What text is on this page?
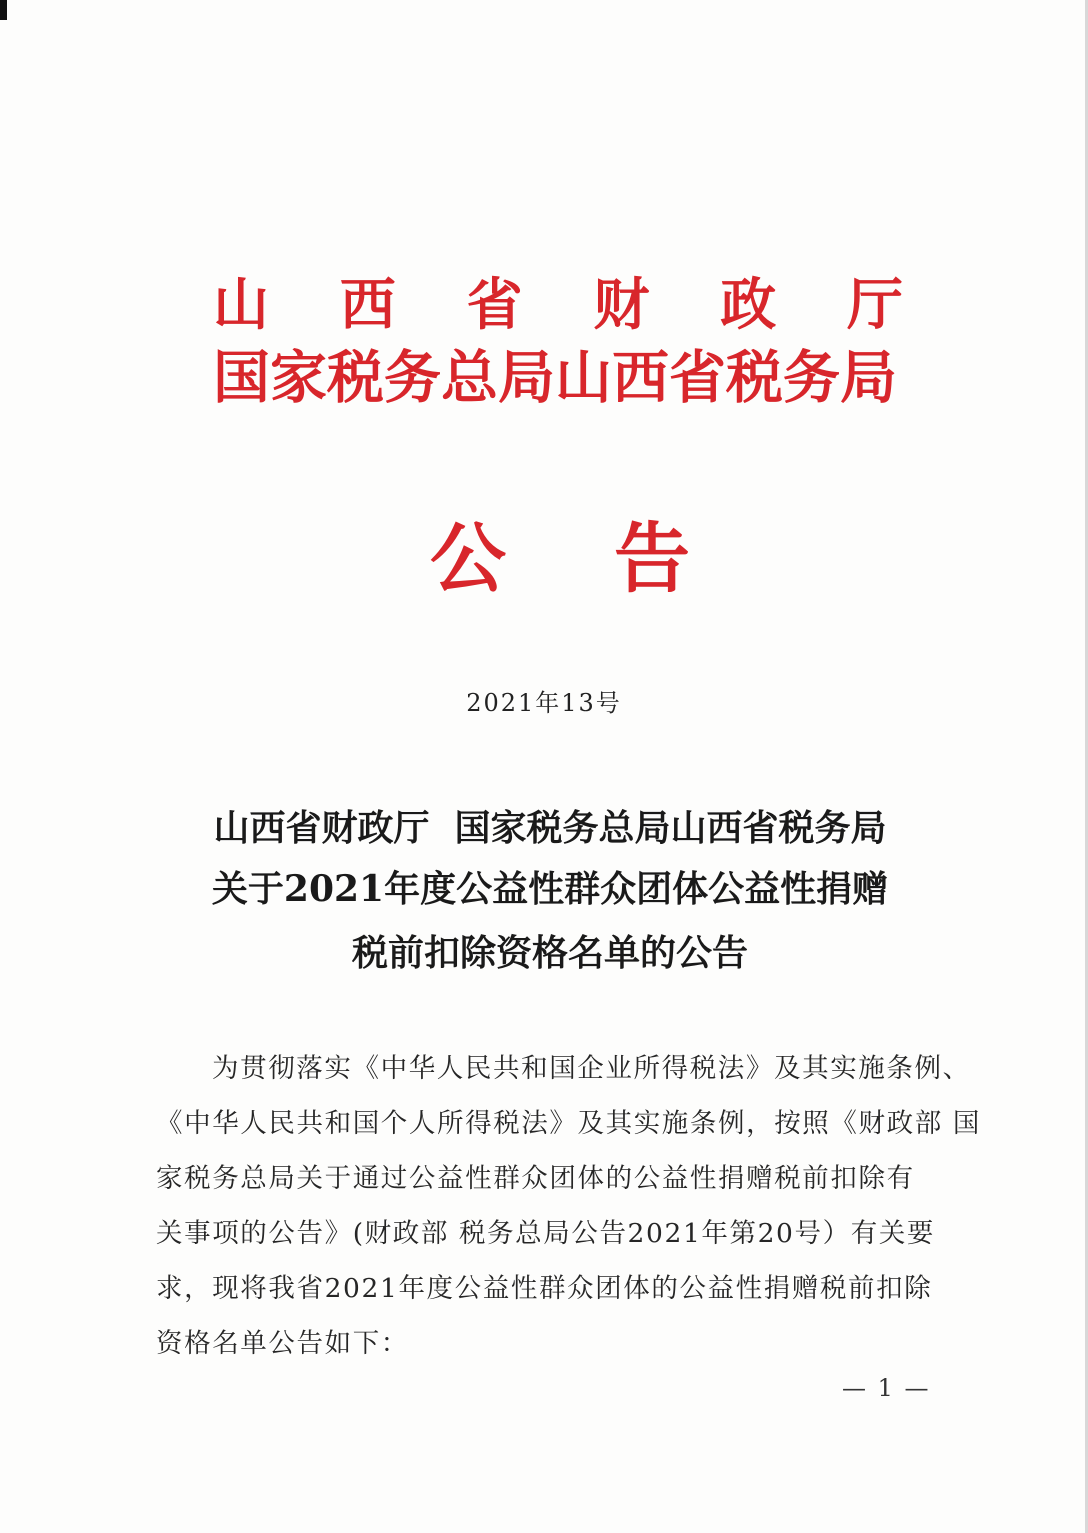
山 西 省 财 政 厅
国家税务总局山西省税务局
公 告
2021年13号
山西省财政厅  国家税务总局山西省税务局
关于2021年度公益性群众团体公益性捐赠
税前扣除资格名单的公告
为贯彻落实《中华人民共和国企业所得税法》及其实施条例、
《中华人民共和国个人所得税法》及其实施条例，按照《财政部 国
家税务总局关于通过公益性群众团体的公益性捐赠税前扣除有
关事项的公告》(财政部 税务总局公告2021年第20号）有关要
求，现将我省2021年度公益性群众团体的公益性捐赠税前扣除
资格名单公告如下：
— 1 —
